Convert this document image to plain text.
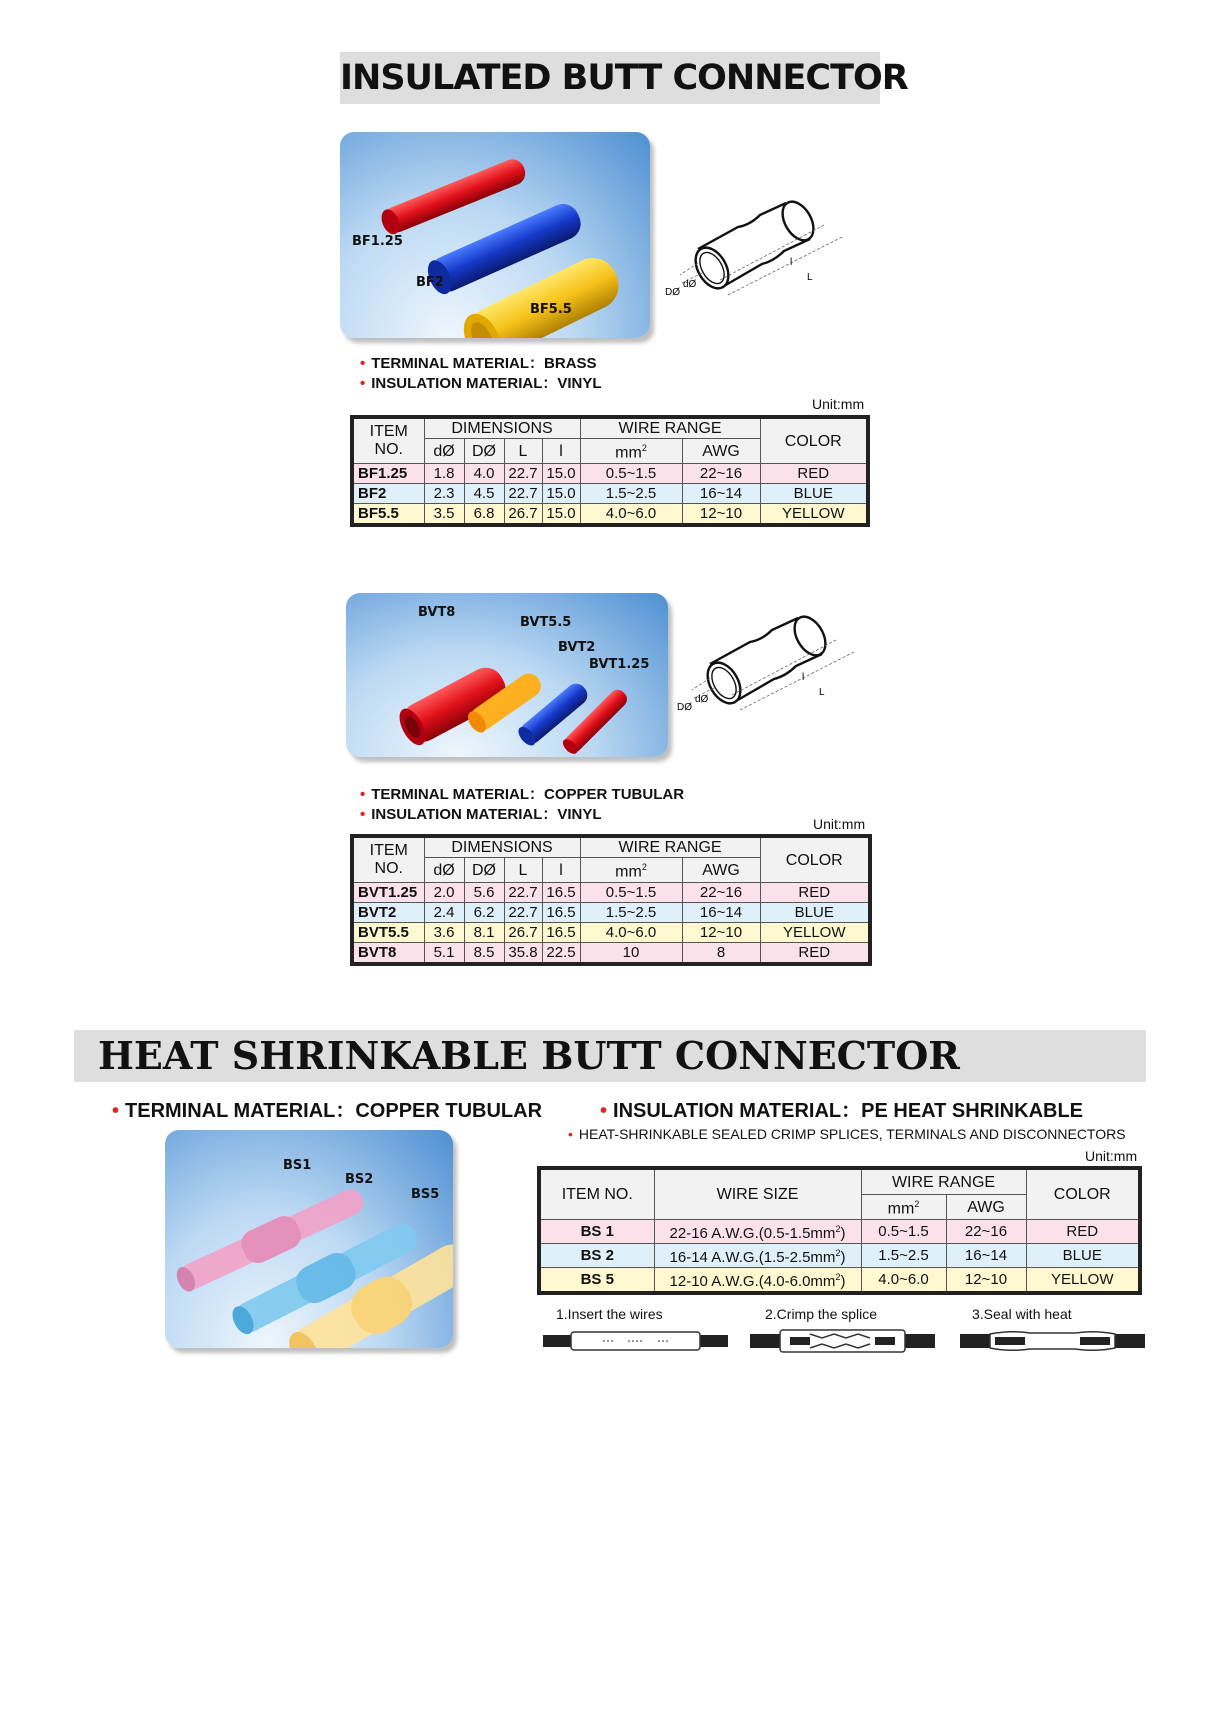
INSULATED BUTT CONNECTOR
BF1.25
BF2
BF5.5
DØ
dØ
l
L
• TERMINAL MATERIAL：BRASS
• INSULATION MATERIAL：VINYL
Unit:mm
ITEM
NO.	DIMENSIONS				WIRE RANGE		COLOR
	dØ	DØ	L	l	$mm^2$	AWG	
BF1.25	1.8	4.0	22.7	15.0	0.5~1.5	22~16	RED
BF2	2.3	4.5	22.7	15.0	1.5~2.5	16~14	BLUE
BF5.5	3.5	6.8	26.7	15.0	4.0~6.0	12~10	YELLOW
BVT8
BVT5.5
BVT2
BVT1.25
DØ
dØ
l
L
• TERMINAL MATERIAL：COPPER TUBULAR
• INSULATION MATERIAL：VINYL
Unit:mm
ITEM
NO.	DIMENSIONS				WIRE RANGE		COLOR
	dØ	DØ	L	l	$mm^2$	AWG	
BVT1.25	2.0	5.6	22.7	16.5	0.5~1.5	22~16	RED
BVT2	2.4	6.2	22.7	16.5	1.5~2.5	16~14	BLUE
BVT5.5	3.6	8.1	26.7	16.5	4.0~6.0	12~10	YELLOW
BVT8	5.1	8.5	35.8	22.5	10	8	RED
HEAT SHRINKABLE BUTT CONNECTOR
• TERMINAL MATERIAL：COPPER TUBULAR	• INSULATION MATERIAL：PE HEAT SHRINKABLE
• HEAT-SHRINKABLE SEALED CRIMP SPLICES, TERMINALS AND DISCONNECTORS
Unit:mm
BS1
BS2
BS5	ITEM NO.	WIRE SIZE	WIRE RANGE		COLOR
		$mm^2$	AWG	
BS 1	22-16 $A.W.G.(0.5-1.5mm^2)$	0.5~1.5	22~16	RED
BS 2	16-14 $A.W.G.(1.5-2.5mm^2)$	1.5~2.5	16~14	BLUE
BS 5	12-10 $A.W.G.(4.0-6.0mm^2)$	4.0~6.0	12~10	YELLOW
1.Insert the wires	2.Crimp the splice	3.Seal with heat
